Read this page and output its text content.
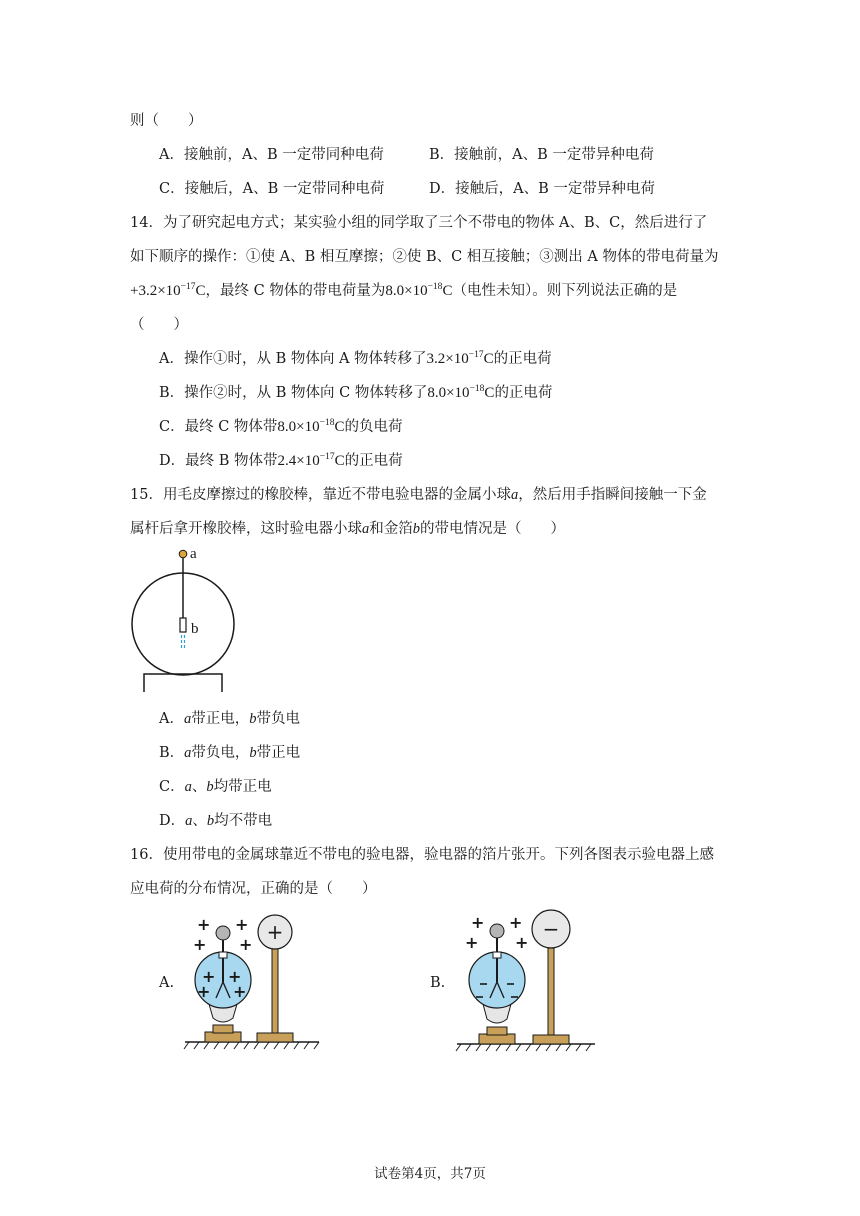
则（　　）
A．接触前，A、B 一定带同种电荷	B．接触前，A、B 一定带异种电荷
C．接触后，A、B 一定带同种电荷	D．接触后，A、B 一定带异种电荷
14．为了研究起电方式；某实验小组的同学取了三个不带电的物体 A、B、C，然后进行了
如下顺序的操作：①使 A、B 相互摩擦；②使 B、C 相互接触；③测出 A 物体的带电荷量为
$+3.2\times 10^{-17}C$，最终 C 物体的带电荷量为$8.0\times 10^{-18}C$（电性未知）。则下列说法正确的是
（　　）
A．操作①时，从 B 物体向 A 物体转移了$3.2\times 10^{-17}C$的正电荷
B．操作②时，从 B 物体向 C 物体转移了$8.0\times 10^{-18}C$的正电荷
C．最终 C 物体带$8.0\times 10^{-18}C$的负电荷
D．最终 B 物体带$2.4\times 10^{-17}C$的正电荷
15．用毛皮摩擦过的橡胶棒，靠近不带电验电器的金属小球a，然后用手指瞬间接触一下金
属杆后拿开橡胶棒，这时验电器小球a和金箔b的带电情况是（　　）
a
b
A．a带正电，b带负电
B．a带负电，b带正电
C．a、b均带正电
D．a、b均不带电
16．使用带电的金属球靠近不带电的验电器，验电器的箔片张开。下列各图表示验电器上感
应电荷的分布情况，正确的是（　　）
A.	B.
+ +
+ +
+ +
+ +
+	+ +
+ +
−
试卷第4页，共7页
